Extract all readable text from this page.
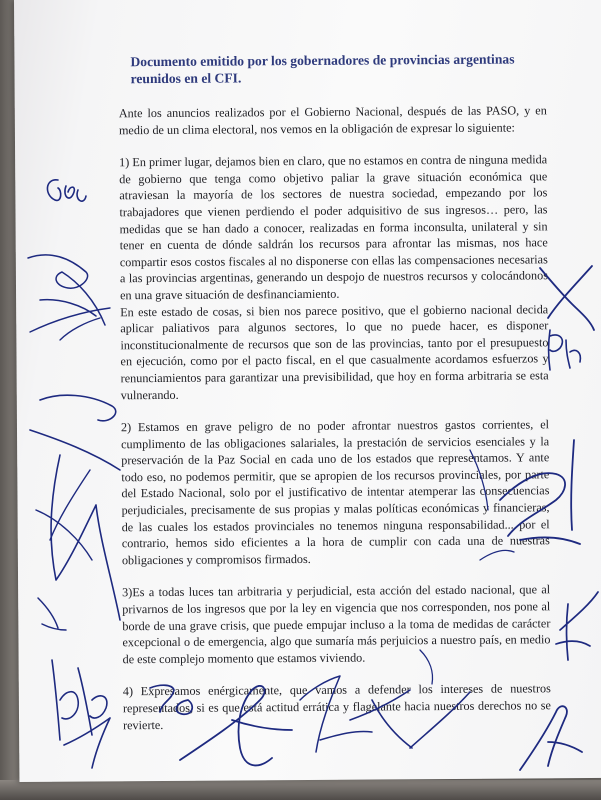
Documento emitido por los gobernadores de provincias argentinas reunidos en el CFI.

Ante los anuncios realizados por el Gobierno Nacional, después de las PASO, y en medio de un clima electoral, nos vemos en la obligación de expresar lo siguiente:

1) En primer lugar, dejamos bien en claro, que no estamos en contra de ninguna medida de gobierno que tenga como objetivo paliar la grave situación económica que atraviesan la mayoría de los sectores de nuestra sociedad, empezando por los trabajadores que vienen perdiendo el poder adquisitivo de sus ingresos… pero, las medidas que se han dado a conocer, realizadas en forma inconsulta, unilateral y sin tener en cuenta de dónde saldrán los recursos para afrontar las mismas, nos hace compartir esos costos fiscales al no disponerse con ellas las compensaciones necesarias a las provincias argentinas, generando un despojo de nuestros recursos y colocándonos en una grave situación de desfinanciamiento.

En este estado de cosas, si bien nos parece positivo, que el gobierno nacional decida aplicar paliativos para algunos sectores, lo que no puede hacer, es disponer inconstitucionalmente de recursos que son de las provincias, tanto por el presupuesto en ejecución, como por el pacto fiscal, en el que casualmente acordamos esfuerzos y renunciamientos para garantizar una previsibilidad, que hoy en forma arbitraria se esta vulnerando.

2) Estamos en grave peligro de no poder afrontar nuestros gastos corrientes, el cumplimento de las obligaciones salariales, la prestación de servicios esenciales y la preservación de la Paz Social en cada uno de los estados que representamos. Y ante todo eso, no podemos permitir, que se apropien de los recursos provinciales, por parte del Estado Nacional, solo por el justificativo de intentar atemperar las consecuencias perjudiciales, precisamente de sus propias y malas políticas económicas y financieras, de las cuales los estados provinciales no tenemos ninguna responsabilidad... por el contrario, hemos sido eficientes a la hora de cumplir con cada una de nuestras obligaciones y compromisos firmados.

3)Es a todas luces tan arbitraria y perjudicial, esta acción del estado nacional, que al privarnos de los ingresos que por la ley en vigencia que nos corresponden, nos pone al borde de una grave crisis, que puede empujar incluso a la toma de medidas de carácter excepcional o de emergencia, algo que sumaría más perjuicios a nuestro país, en medio de este complejo momento que estamos viviendo.

4) Expresamos enérgicamente, que vamos a defender los intereses de nuestros representados, si es que está actitud errática y flagelante hacia nuestros derechos no se revierte.
